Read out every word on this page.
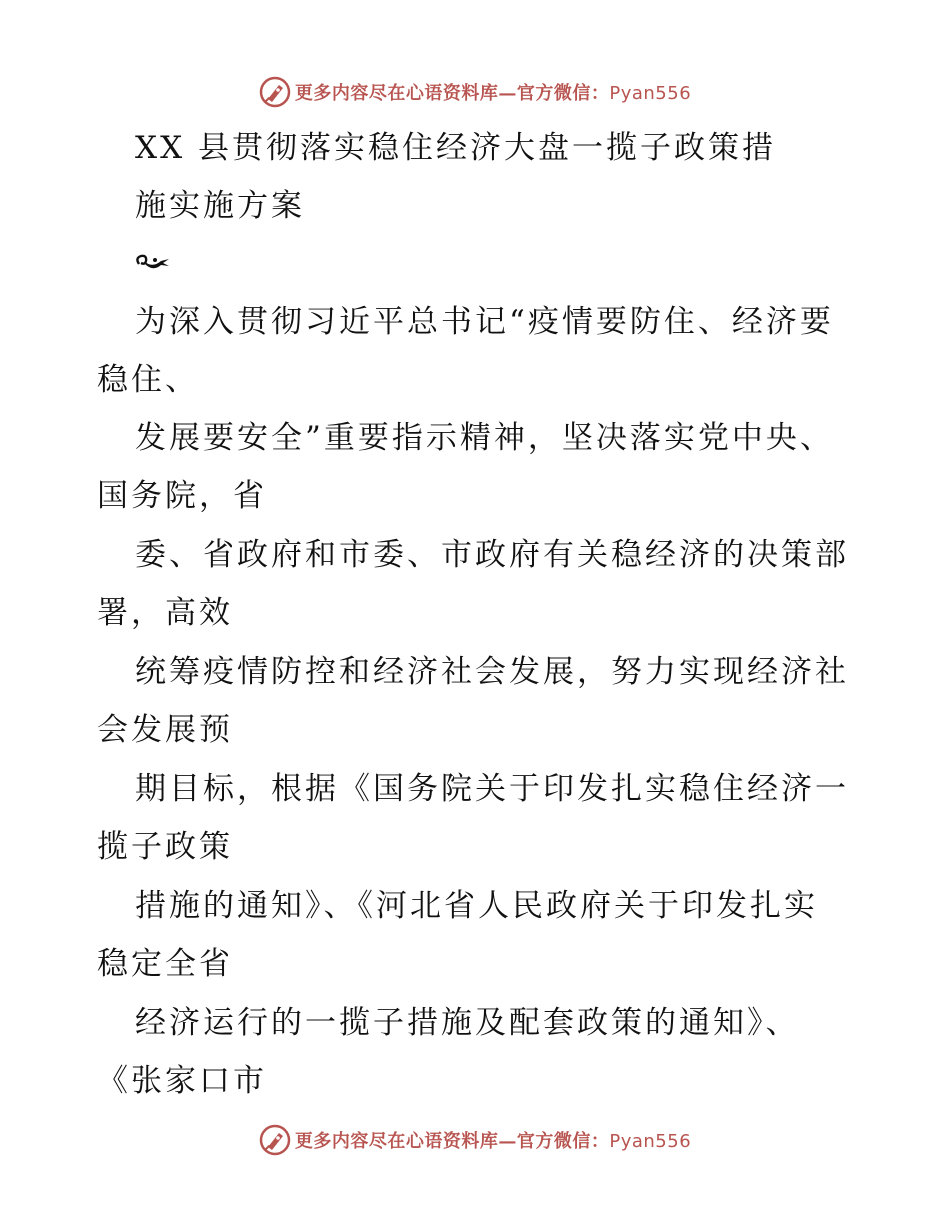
更多内容尽在心语资料库—官方微信：Pyan556
XX 县贯彻落实稳住经济大盘一揽子政策措
施实施方案
为深入贯彻习近平总书记“疫情要防住、经济要
稳住、
发展要安全”重要指示精神，坚决落实党中央、
国务院，省
委、省政府和市委、市政府有关稳经济的决策部
署，高效
统筹疫情防控和经济社会发展，努力实现经济社
会发展预
期目标，根据《国务院关于印发扎实稳住经济一
揽子政策
措施的通知》、《河北省人民政府关于印发扎实
稳定全省
经济运行的一揽子措施及配套政策的通知》、
《张家口市
更多内容尽在心语资料库—官方微信：Pyan556
